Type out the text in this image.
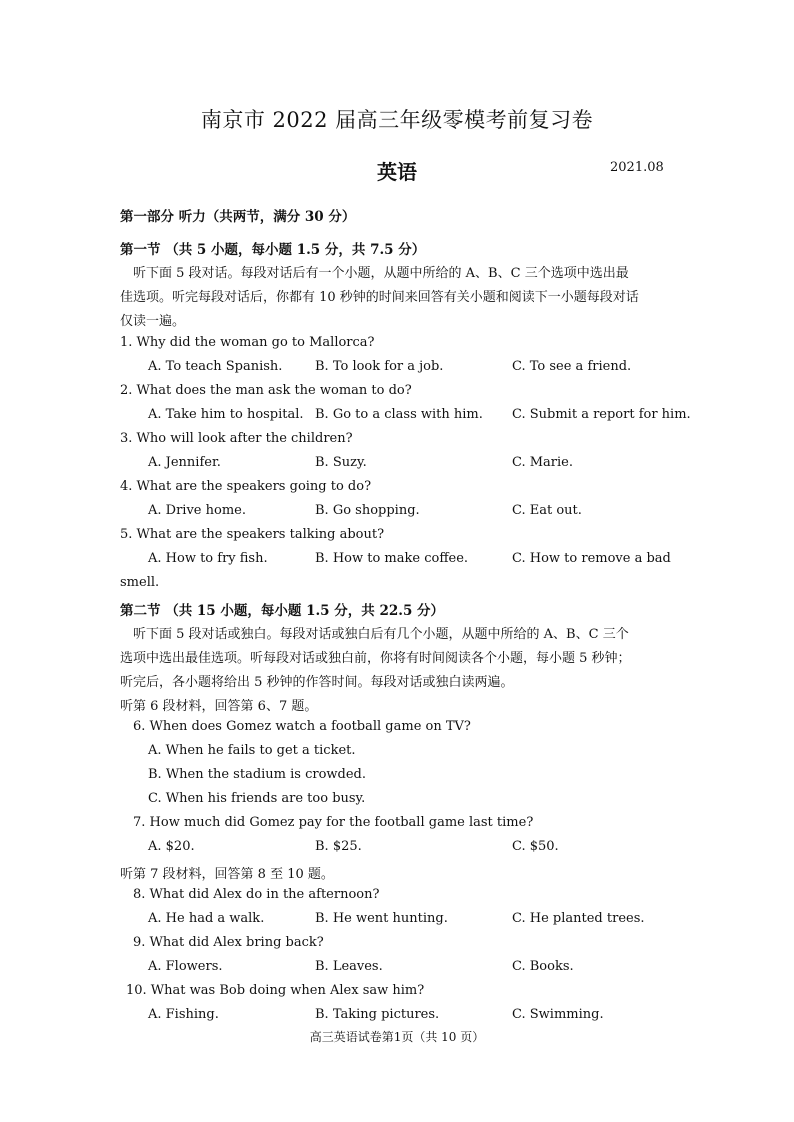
南京市 2022 届高三年级零模考前复习卷
英语	2021.08
第一部分 听力（共两节，满分 30 分）
第一节 （共 5 小题，每小题 1.5 分，共 7.5 分）
听下面 5 段对话。每段对话后有一个小题，从题中所给的 A、B、C 三个选项中选出最
佳选项。听完每段对话后，你都有 10 秒钟的时间来回答有关小题和阅读下一小题每段对话
仅读一遍。
1. Why did the woman go to Mallorca?
A. To teach Spanish.	B. To look for a job.	C. To see a friend.
2. What does the man ask the woman to do?
A. Take him to hospital. B. Go to a class with him. C. Submit a report for him.
3. Who will look after the children?
A. Jennifer.	B. Suzy.	C. Marie.
4. What are the speakers going to do?
A. Drive home.	B. Go shopping.	C. Eat out.
5. What are the speakers talking about?
A. How to fry fish.	B. How to make coffee.	C. How to remove a bad
smell.
第二节 （共 15 小题，每小题 1.5 分，共 22.5 分）
听下面 5 段对话或独白。每段对话或独白后有几个小题，从题中所给的 A、B、C 三个
选项中选出最佳选项。听每段对话或独白前，你将有时间阅读各个小题，每小题 5 秒钟；
听完后，各小题将给出 5 秒钟的作答时间。每段对话或独白读两遍。
听第 6 段材料，回答第 6、7 题。
6. When does Gomez watch a football game on TV?
A. When he fails to get a ticket.
B. When the stadium is crowded.
C. When his friends are too busy.
7. How much did Gomez pay for the football game last time?
A. $20.	B. $25.	C. $50.
听第 7 段材料，回答第 8 至 10 题。
8. What did Alex do in the afternoon?
A. He had a walk.	B. He went hunting.	C. He planted trees.
9. What did Alex bring back?
A. Flowers.	B. Leaves.	C. Books.
10. What was Bob doing when Alex saw him?
A. Fishing.	B. Taking pictures.	C. Swimming.
高三英语试卷第1页（共 10 页）
